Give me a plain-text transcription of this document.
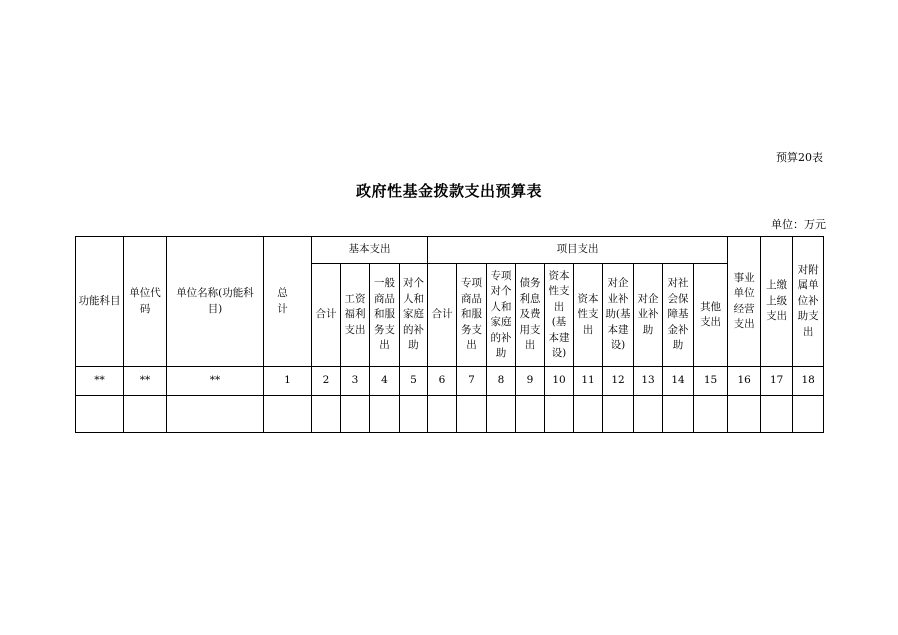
预算20表
政府性基金拨款支出预算表
单位：万元
功能科目	单位代码	单位名称(功能科目)	总 计	基本支出				项目支出										事业单位经营支出	上缴上级支出	对附属单位补助支出
				合计	工资福利支出	一般商品和服务支出	对个人和家庭的补助	合计	专项商品和服务支出	专项对个人和家庭的补助	债务利息及费用支出	资本性支出(基本建设)	资本性支出	对企业补助(基本建设)	对企业补助	对社会保障基金补助	其他支出			
**	**	**	1	2	3	4	5	6	7	8	9	10	11	12	13	14	15	16	17	18
